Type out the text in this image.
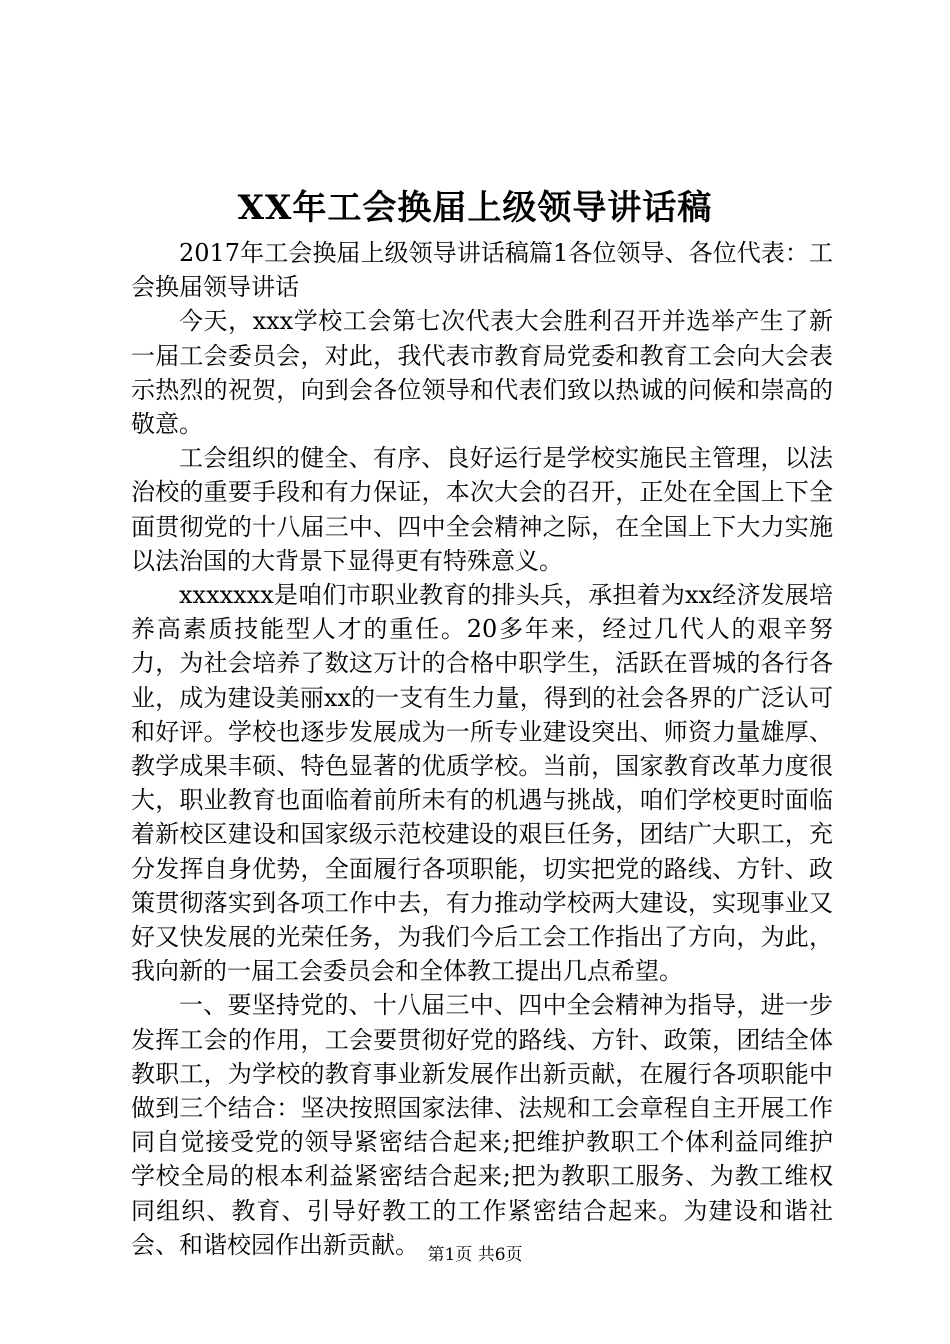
XX年工会换届上级领导讲话稿

2017年工会换届上级领导讲话稿篇1各位领导、各位代表：工会换届领导讲话

今天，xxx学校工会第七次代表大会胜利召开并选举产生了新一届工会委员会，对此，我代表市教育局党委和教育工会向大会表示热烈的祝贺，向到会各位领导和代表们致以热诚的问候和崇高的敬意。

工会组织的健全、有序、良好运行是学校实施民主管理，以法治校的重要手段和有力保证，本次大会的召开，正处在全国上下全面贯彻党的十八届三中、四中全会精神之际，在全国上下大力实施以法治国的大背景下显得更有特殊意义。

xxxxxxx是咱们市职业教育的排头兵，承担着为xx经济发展培养高素质技能型人才的重任。20多年来，经过几代人的艰辛努力，为社会培养了数这万计的合格中职学生，活跃在晋城的各行各业，成为建设美丽xx的一支有生力量，得到的社会各界的广泛认可和好评。学校也逐步发展成为一所专业建设突出、师资力量雄厚、教学成果丰硕、特色显著的优质学校。当前，国家教育改革力度很大，职业教育也面临着前所未有的机遇与挑战，咱们学校更时面临着新校区建设和国家级示范校建设的艰巨任务，团结广大职工，充分发挥自身优势，全面履行各项职能，切实把党的路线、方针、政策贯彻落实到各项工作中去，有力推动学校两大建设，实现事业又好又快发展的光荣任务，为我们今后工会工作指出了方向，为此，我向新的一届工会委员会和全体教工提出几点希望。

一、要坚持党的、十八届三中、四中全会精神为指导，进一步发挥工会的作用，工会要贯彻好党的路线、方针、政策，团结全体教职工，为学校的教育事业新发展作出新贡献，在履行各项职能中做到三个结合：坚决按照国家法律、法规和工会章程自主开展工作同自觉接受党的领导紧密结合起来;把维护教职工个体利益同维护学校全局的根本利益紧密结合起来;把为教职工服务、为教工维权同组织、教育、引导好教工的工作紧密结合起来。为建设和谐社会、和谐校园作出新贡献。 第1页 共6页
